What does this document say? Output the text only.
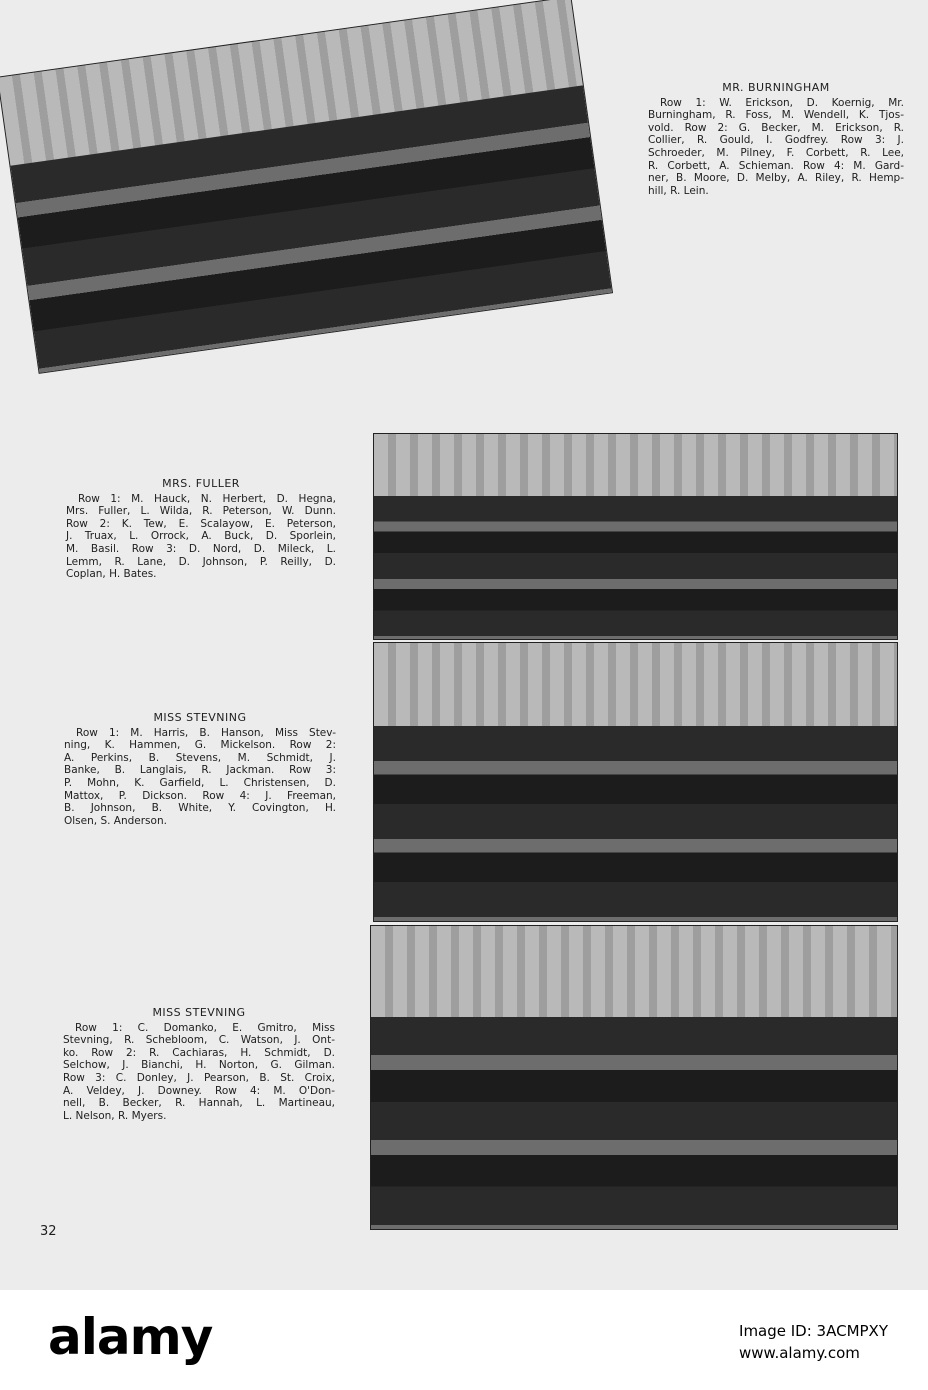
MR. BURNINGHAM
Row 1: W. Erickson, D. Koernig, Mr.
Burningham, R. Foss, M. Wendell, K. Tjos-
vold. Row 2: G. Becker, M. Erickson, R.
Collier, R. Gould, I. Godfrey. Row 3: J.
Schroeder, M. Pilney, F. Corbett, R. Lee,
R. Corbett, A. Schieman. Row 4: M. Gard-
ner, B. Moore, D. Melby, A. Riley, R. Hemp-
hill, R. Lein.
MRS. FULLER
Row 1: M. Hauck, N. Herbert, D. Hegna,
Mrs. Fuller, L. Wilda, R. Peterson, W. Dunn.
Row 2: K. Tew, E. Scalayow, E. Peterson,
J. Truax, L. Orrock, A. Buck, D. Sporlein,
M. Basil. Row 3: D. Nord, D. Mileck, L.
Lemm, R. Lane, D. Johnson, P. Reilly, D.
Coplan, H. Bates.
MISS STEVNING
Row 1: M. Harris, B. Hanson, Miss Stev-
ning, K. Hammen, G. Mickelson. Row 2:
A. Perkins, B. Stevens, M. Schmidt, J.
Banke, B. Langlais, R. Jackman. Row 3:
P. Mohn, K. Garfield, L. Christensen, D.
Mattox, P. Dickson. Row 4: J. Freeman,
B. Johnson, B. White, Y. Covington, H.
Olsen, S. Anderson.
MISS STEVNING
Row 1: C. Domanko, E. Gmitro, Miss
Stevning, R. Schebloom, C. Watson, J. Ont-
ko. Row 2: R. Cachiaras, H. Schmidt, D.
Selchow, J. Bianchi, H. Norton, G. Gilman.
Row 3: C. Donley, J. Pearson, B. St. Croix,
A. Veldey, J. Downey. Row 4: M. O'Don-
nell, B. Becker, R. Hannah, L. Martineau,
L. Nelson, R. Myers.
32
alamy	Image ID: 3ACMPXY
www.alamy.com
